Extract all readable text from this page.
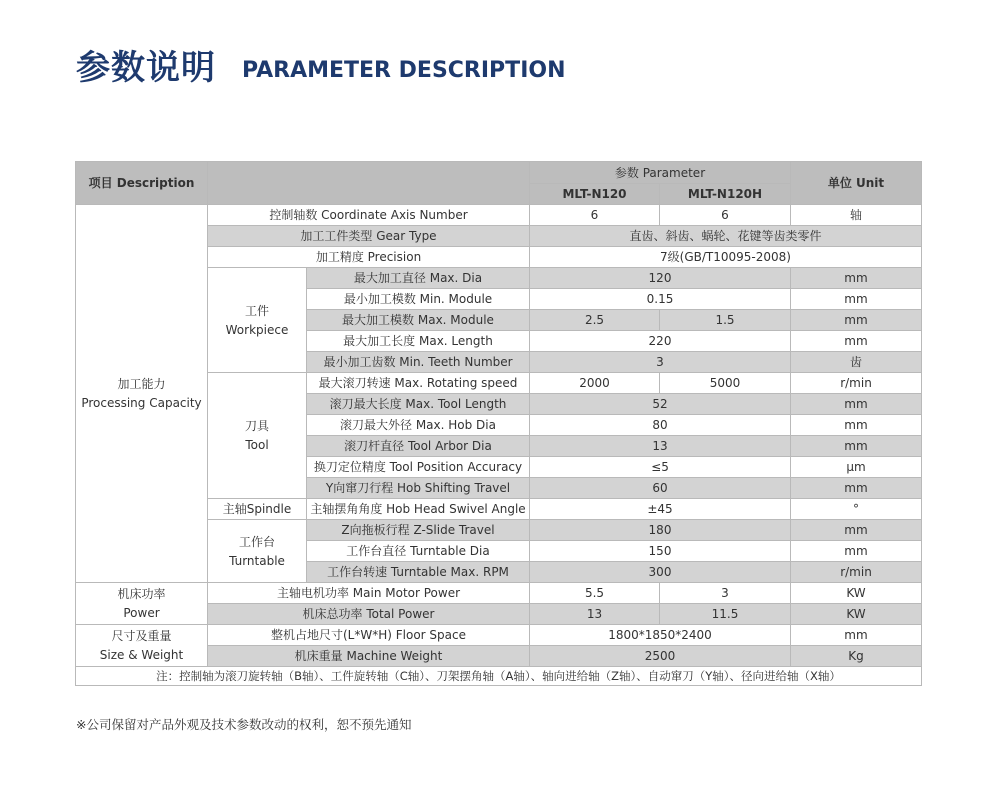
参数说明 PARAMETER DESCRIPTION
项目 Description			参数 Parameter		单位 Unit
			MLT-N120	MLT-N120H	

加工能力
Processing Capacity	控制轴数 Coordinate Axis Number		6	6	轴
	加工工件类型 Gear Type		直齿、斜齿、蜗轮、花键等齿类零件		
	加工精度 Precision		7级(GB/T10095-2008)		

	工件
Workpiece	最大加工直径 Max. Dia	120		mm
		最小加工模数 Min. Module	0.15		mm
		最大加工模数 Max. Module	2.5	1.5	mm
		最大加工长度 Max. Length	220		mm
		最小加工齿数 Min. Teeth Number	3		齿

	刀具
Tool	最大滚刀转速 Max. Rotating speed	2000	5000	r/min
		滚刀最大长度 Max. Tool Length	52		mm
		滚刀最大外径 Max. Hob Dia	80		mm
		滚刀杆直径 Tool Arbor Dia	13		mm
		换刀定位精度 Tool Position Accuracy	≤5		μm
		Y向窜刀行程 Hob Shifting Travel	60		mm
	主轴Spindle	主轴摆角角度 Hob Head Swivel Angle	±45		°

	工作台
Turntable	Z向拖板行程 Z-Slide Travel	180		mm
		工作台直径 Turntable Dia	150		mm
		工作台转速 Turntable Max. RPM	300		r/min

机床功率
Power	主轴电机功率 Main Motor Power		5.5	3	KW
	机床总功率 Total Power		13	11.5	KW

尺寸及重量
Size & Weight	整机占地尺寸(L*W*H) Floor Space		1800*1850*2400		mm
	机床重量 Machine Weight		2500		Kg
注：控制轴为滚刀旋转轴（B轴）、工件旋转轴（C轴）、刀架摆角轴（A轴）、轴向进给轴（Z轴）、自动窜刀（Y轴）、径向进给轴（X轴）					
※公司保留对产品外观及技术参数改动的权利，恕不预先通知
